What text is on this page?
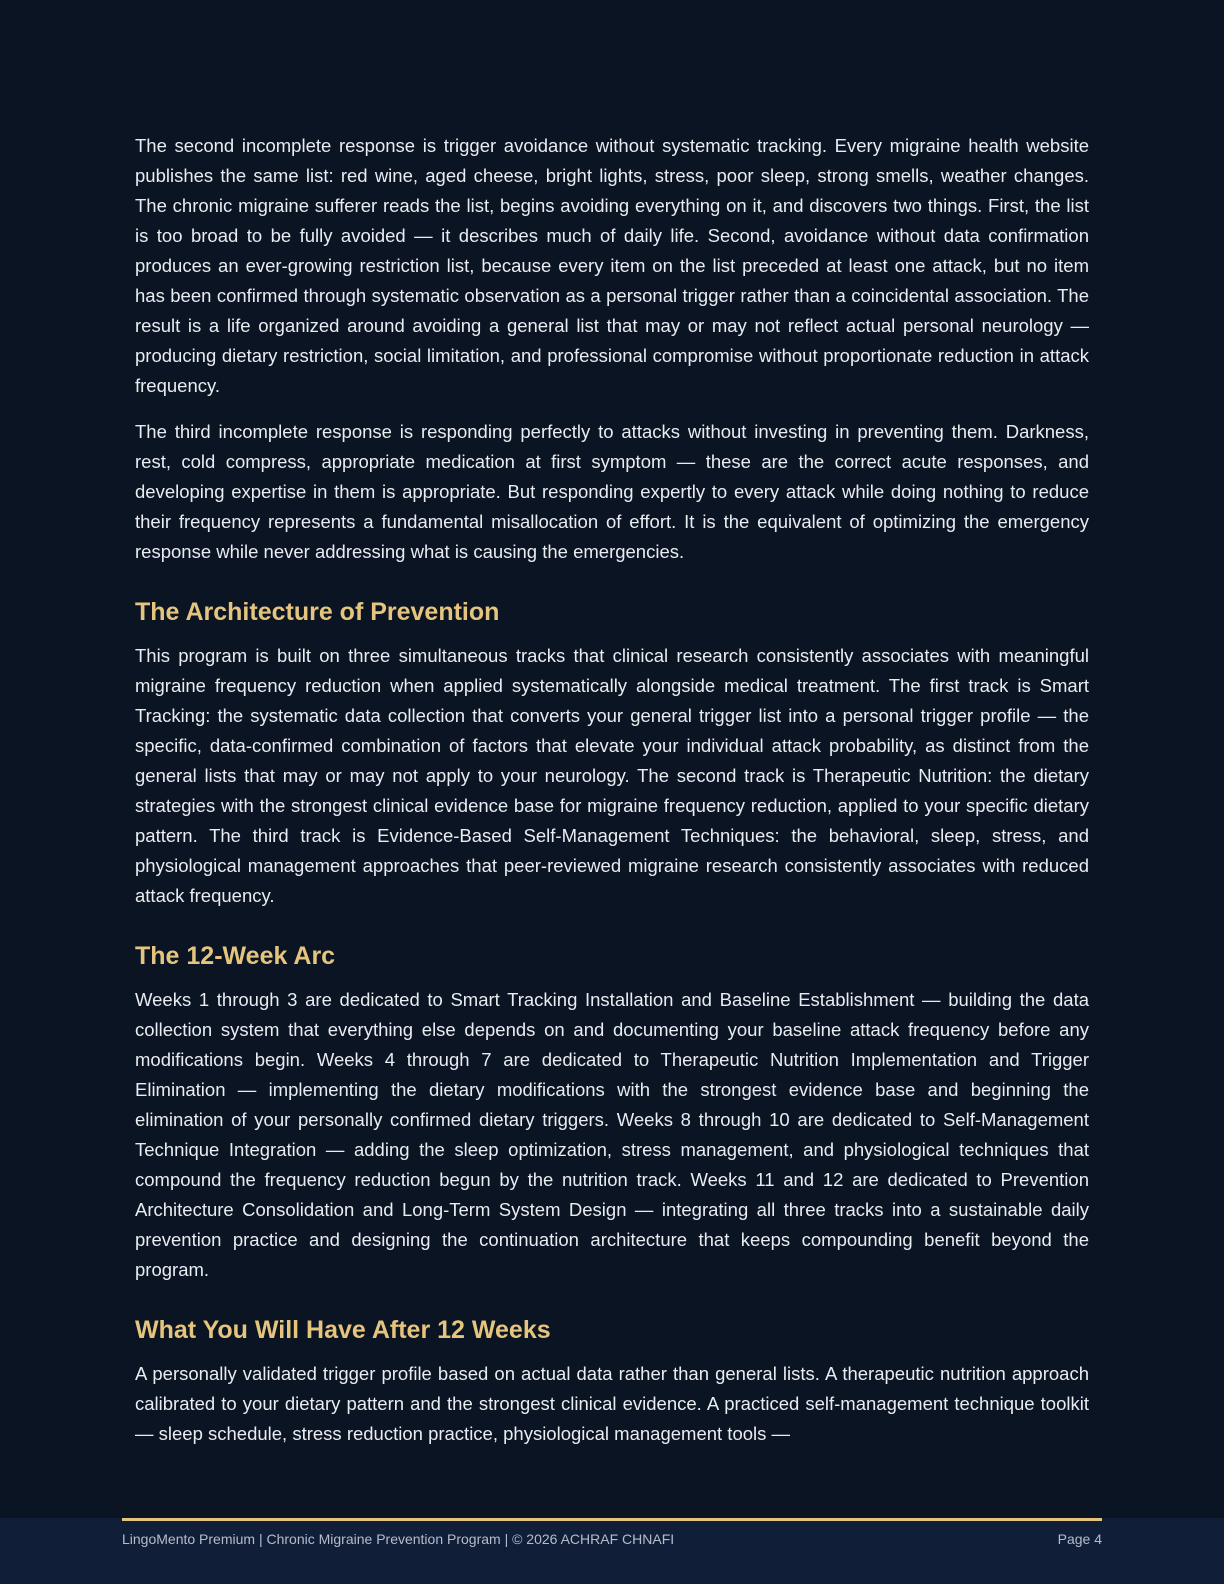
The second incomplete response is trigger avoidance without systematic tracking. Every migraine health website publishes the same list: red wine, aged cheese, bright lights, stress, poor sleep, strong smells, weather changes. The chronic migraine sufferer reads the list, begins avoiding everything on it, and discovers two things. First, the list is too broad to be fully avoided — it describes much of daily life. Second, avoidance without data confirmation produces an ever-growing restriction list, because every item on the list preceded at least one attack, but no item has been confirmed through systematic observation as a personal trigger rather than a coincidental association. The result is a life organized around avoiding a general list that may or may not reflect actual personal neurology — producing dietary restriction, social limitation, and professional compromise without proportionate reduction in attack frequency.

The third incomplete response is responding perfectly to attacks without investing in preventing them. Darkness, rest, cold compress, appropriate medication at first symptom — these are the correct acute responses, and developing expertise in them is appropriate. But responding expertly to every attack while doing nothing to reduce their frequency represents a fundamental misallocation of effort. It is the equivalent of optimizing the emergency response while never addressing what is causing the emergencies.

The Architecture of Prevention

This program is built on three simultaneous tracks that clinical research consistently associates with meaningful migraine frequency reduction when applied systematically alongside medical treatment. The first track is Smart Tracking: the systematic data collection that converts your general trigger list into a personal trigger profile — the specific, data-confirmed combination of factors that elevate your individual attack probability, as distinct from the general lists that may or may not apply to your neurology. The second track is Therapeutic Nutrition: the dietary strategies with the strongest clinical evidence base for migraine frequency reduction, applied to your specific dietary pattern. The third track is Evidence-Based Self-Management Techniques: the behavioral, sleep, stress, and physiological management approaches that peer-reviewed migraine research consistently associates with reduced attack frequency.

The 12-Week Arc

Weeks 1 through 3 are dedicated to Smart Tracking Installation and Baseline Establishment — building the data collection system that everything else depends on and documenting your baseline attack frequency before any modifications begin. Weeks 4 through 7 are dedicated to Therapeutic Nutrition Implementation and Trigger Elimination — implementing the dietary modifications with the strongest evidence base and beginning the elimination of your personally confirmed dietary triggers. Weeks 8 through 10 are dedicated to Self-Management Technique Integration — adding the sleep optimization, stress management, and physiological techniques that compound the frequency reduction begun by the nutrition track. Weeks 11 and 12 are dedicated to Prevention Architecture Consolidation and Long-Term System Design — integrating all three tracks into a sustainable daily prevention practice and designing the continuation architecture that keeps compounding benefit beyond the program.

What You Will Have After 12 Weeks

A personally validated trigger profile based on actual data rather than general lists. A therapeutic nutrition approach calibrated to your dietary pattern and the strongest clinical evidence. A practiced self-management technique toolkit — sleep schedule, stress reduction practice, physiological management tools —

LingoMento Premium | Chronic Migraine Prevention Program | © 2026 ACHRAF CHNAFI	Page 4
